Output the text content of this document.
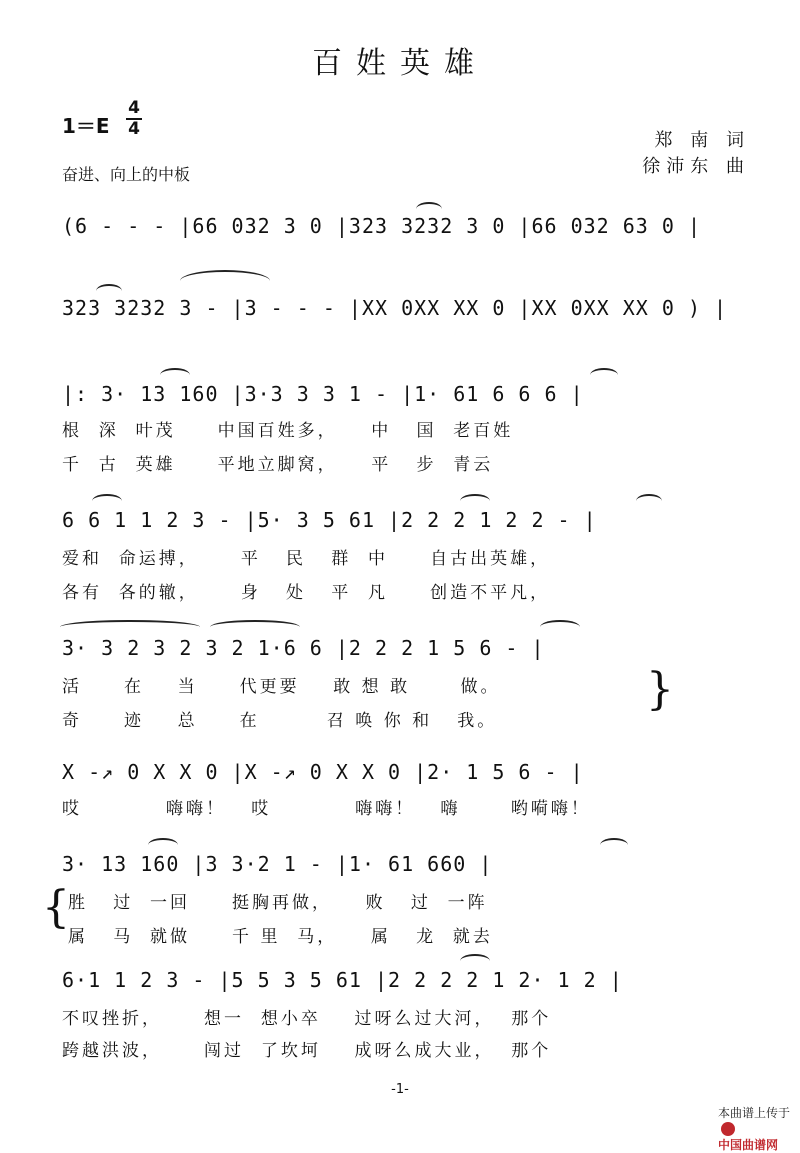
百姓英雄
1＝E
4
4
奋进、向上的中板
郑 南 词
徐沛东 曲
(6 - - - |66 032 3 0 |323 3232 3 0 |66 032 63 0 |
323 3232 3 - |3 - - - |XX 0XX XX 0 |XX 0XX XX 0 ) |
|: 3· 13 160 |3·3 3 3 1 - |1· 61 6 6 6 |
根  深  叶茂     中国百姓多，    中   国  老百姓
千  古  英雄     平地立脚窝，    平   步  青云
6 6 1 1 2 3 - |5· 3 5 61 |2 2 2 1 2 2 - |
爱和  命运搏，     平   民   群  中     自古出英雄，
各有  各的辙，     身   处   平  凡     创造不平凡，
3· 3 2 3 2 3 2 1·6 6 |2 2 2 1 5 6 - |
活     在    当     代更要    敢 想 敢      做。
奇     迹    总     在        召 唤 你 和   我。
}
X -↗ 0 X X 0 |X -↗ 0 X X 0 |2· 1 5 6 - |
哎          嗨嗨！   哎          嗨嗨！   嗨      哟嗬嗨！
3· 13 160 |3 3·2 1 - |1· 61 660 |
{
胜   过  一回     挺胸再做，    败   过  一阵
属   马  就做     千 里  马，    属   龙  就去
6·1 1 2 3 - |5 5 3 5 61 |2 2 2 2 1 2· 1 2 |
不叹挫折，     想一  想小卒    过呀么过大河，  那个
跨越洪波，     闯过  了坎坷    成呀么成大业，  那个
-1-

本曲谱上传于

中国曲谱网
